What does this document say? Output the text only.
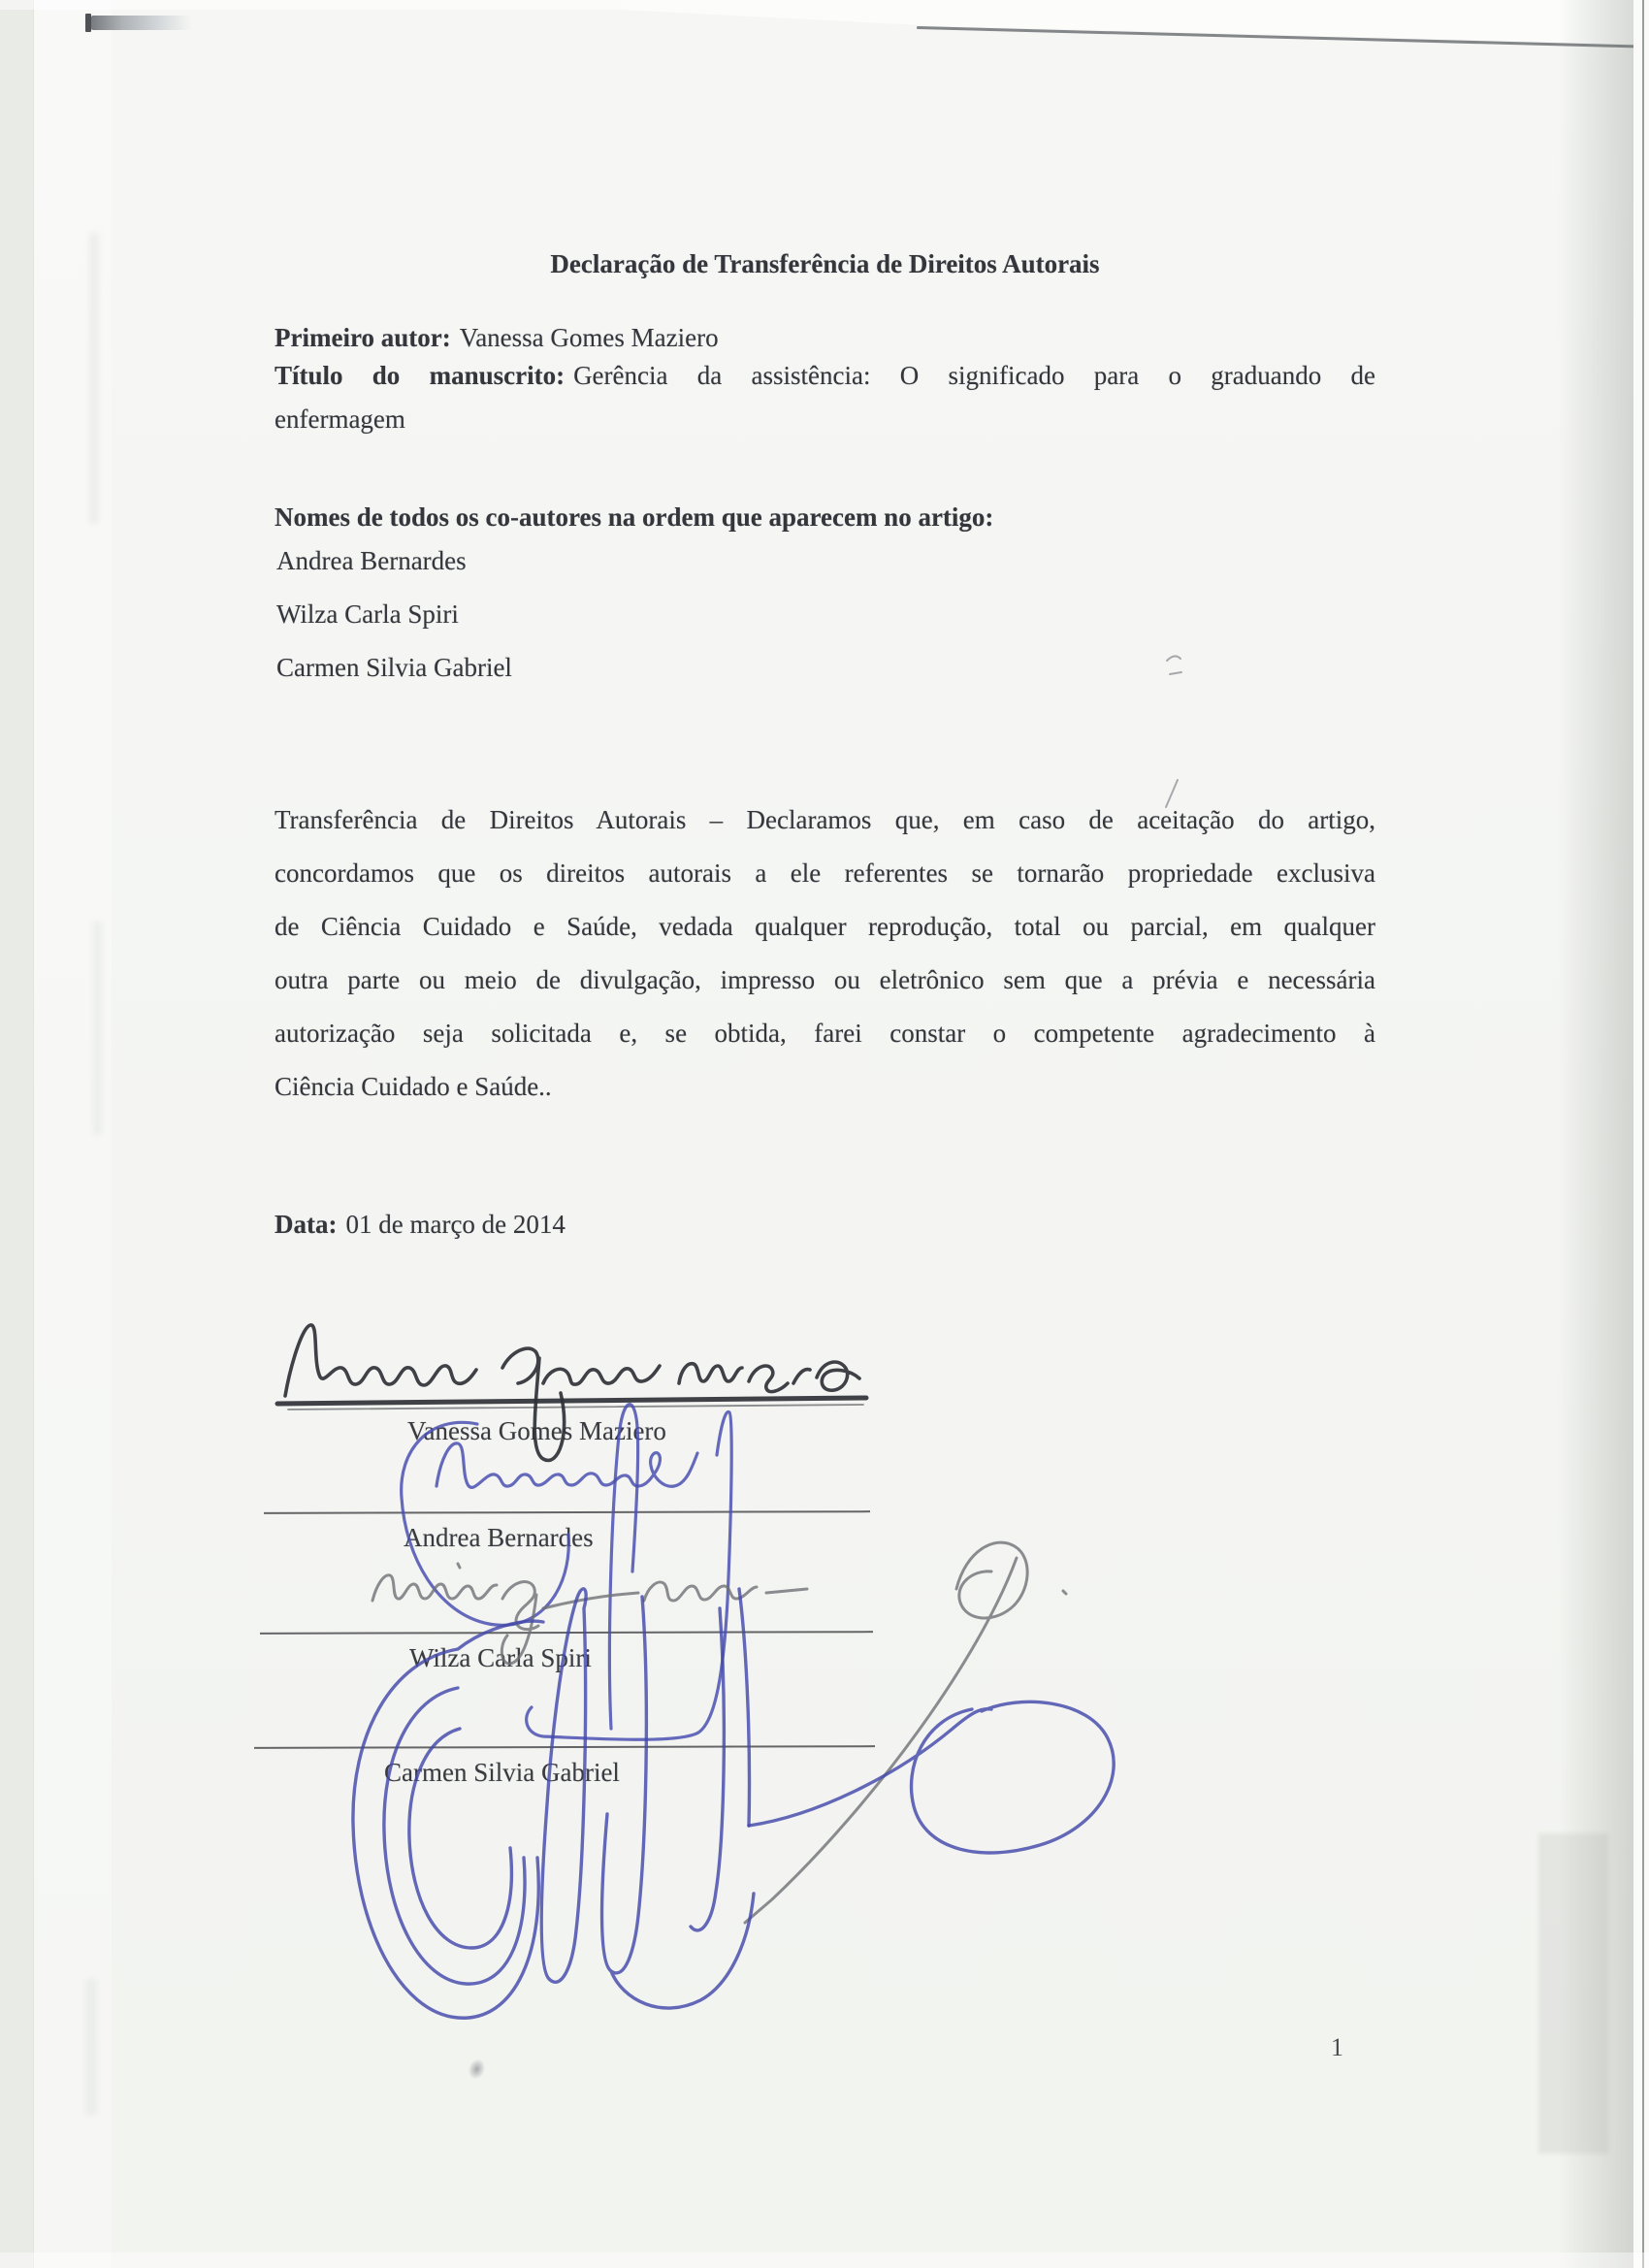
Declaração de Transferência de Direitos Autorais
Primeiro autor: Vanessa Gomes Maziero
Título do manuscrito: Gerência da assistência: O significado para o graduando de
enfermagem
Nomes de todos os co-autores na ordem que aparecem no artigo:
Andrea Bernardes
Wilza Carla Spiri
Carmen Silvia Gabriel
Transferência de Direitos Autorais – Declaramos que, em caso de aceitação do artigo,
concordamos que os direitos autorais a ele referentes se tornarão propriedade exclusiva
de Ciência Cuidado e Saúde, vedada qualquer reprodução, total ou parcial, em qualquer
outra parte ou meio de divulgação, impresso ou eletrônico sem que a prévia e necessária
autorização seja solicitada e, se obtida, farei constar o competente agradecimento à
Ciência Cuidado e Saúde..
Data: 01 de março de 2014
Vanessa Gomes Maziero
Andrea Bernardes
Wilza Carla Spiri
Carmen Silvia Gabriel
1
